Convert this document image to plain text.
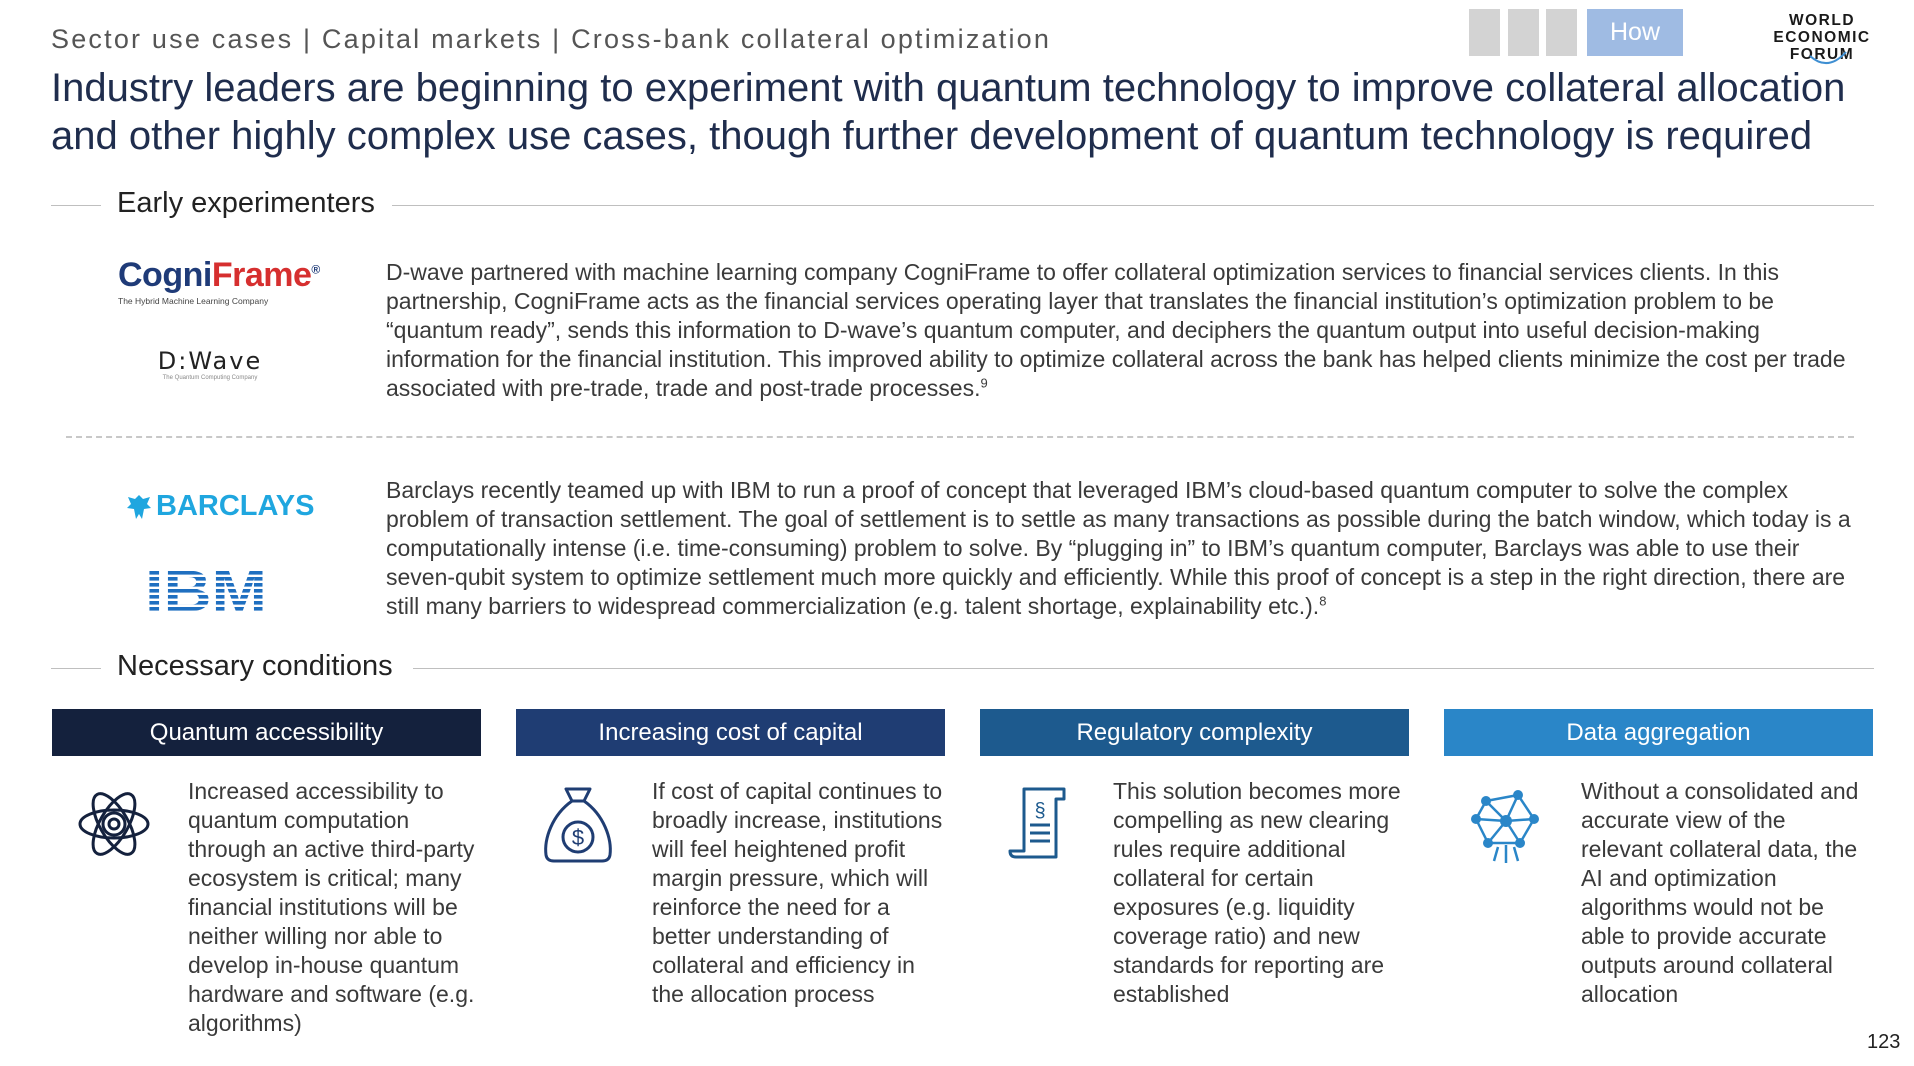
Sector use cases | Capital markets | Cross-bank collateral optimization	How	WORLD
ECONOMIC
FORUM
Industry leaders are beginning to experiment with quantum technology to improve collateral allocation and other highly complex use cases, though further development of quantum technology is required
Early experimenters
CogniFrame®
The Hybrid Machine Learning Company
D:Wave
The Quantum Computing Company
D-wave partnered with machine learning company CogniFrame to offer collateral optimization services to financial services clients. In this partnership, CogniFrame acts as the financial services operating layer that translates the financial institution’s optimization problem to be “quantum ready”, sends this information to D-wave’s quantum computer, and deciphers the quantum output into useful decision-making information for the financial institution. This improved ability to optimize collateral across the bank has helped clients minimize the cost per trade associated with pre-trade, trade and post-trade processes.$^9$
BARCLAYS	Barclays recently teamed up with IBM to run a proof of concept that leveraged IBM’s cloud-based quantum computer to solve the complex problem of transaction settlement. The goal of settlement is to settle as many transactions as possible during the batch window, which today is a computationally intense (i.e. time-consuming) problem to solve. By “plugging in” to IBM’s quantum computer, Barclays was able to use their seven-qubit system to optimize settlement much more quickly and efficiently. While this proof of concept is a step in the right direction, there are still many barriers to widespread commercialization (e.g. talent shortage, explainability etc.).$^8$
Necessary conditions
Quantum accessibility	Increasing cost of capital	Regulatory complexity	Data aggregation
$
§
Increased accessibility to quantum computation through an active third-party ecosystem is critical; many financial institutions will be neither willing nor able to develop in-house quantum hardware and software (e.g. algorithms)
If cost of capital continues to broadly increase, institutions will feel heightened profit margin pressure, which will reinforce the need for a better understanding of collateral and efficiency in the allocation process
This solution becomes more compelling as new clearing rules require additional collateral for certain exposures (e.g. liquidity coverage ratio) and new standards for reporting are established
Without a consolidated and accurate view of the relevant collateral data, the AI and optimization algorithms would not be able to provide accurate outputs around collateral allocation
123
